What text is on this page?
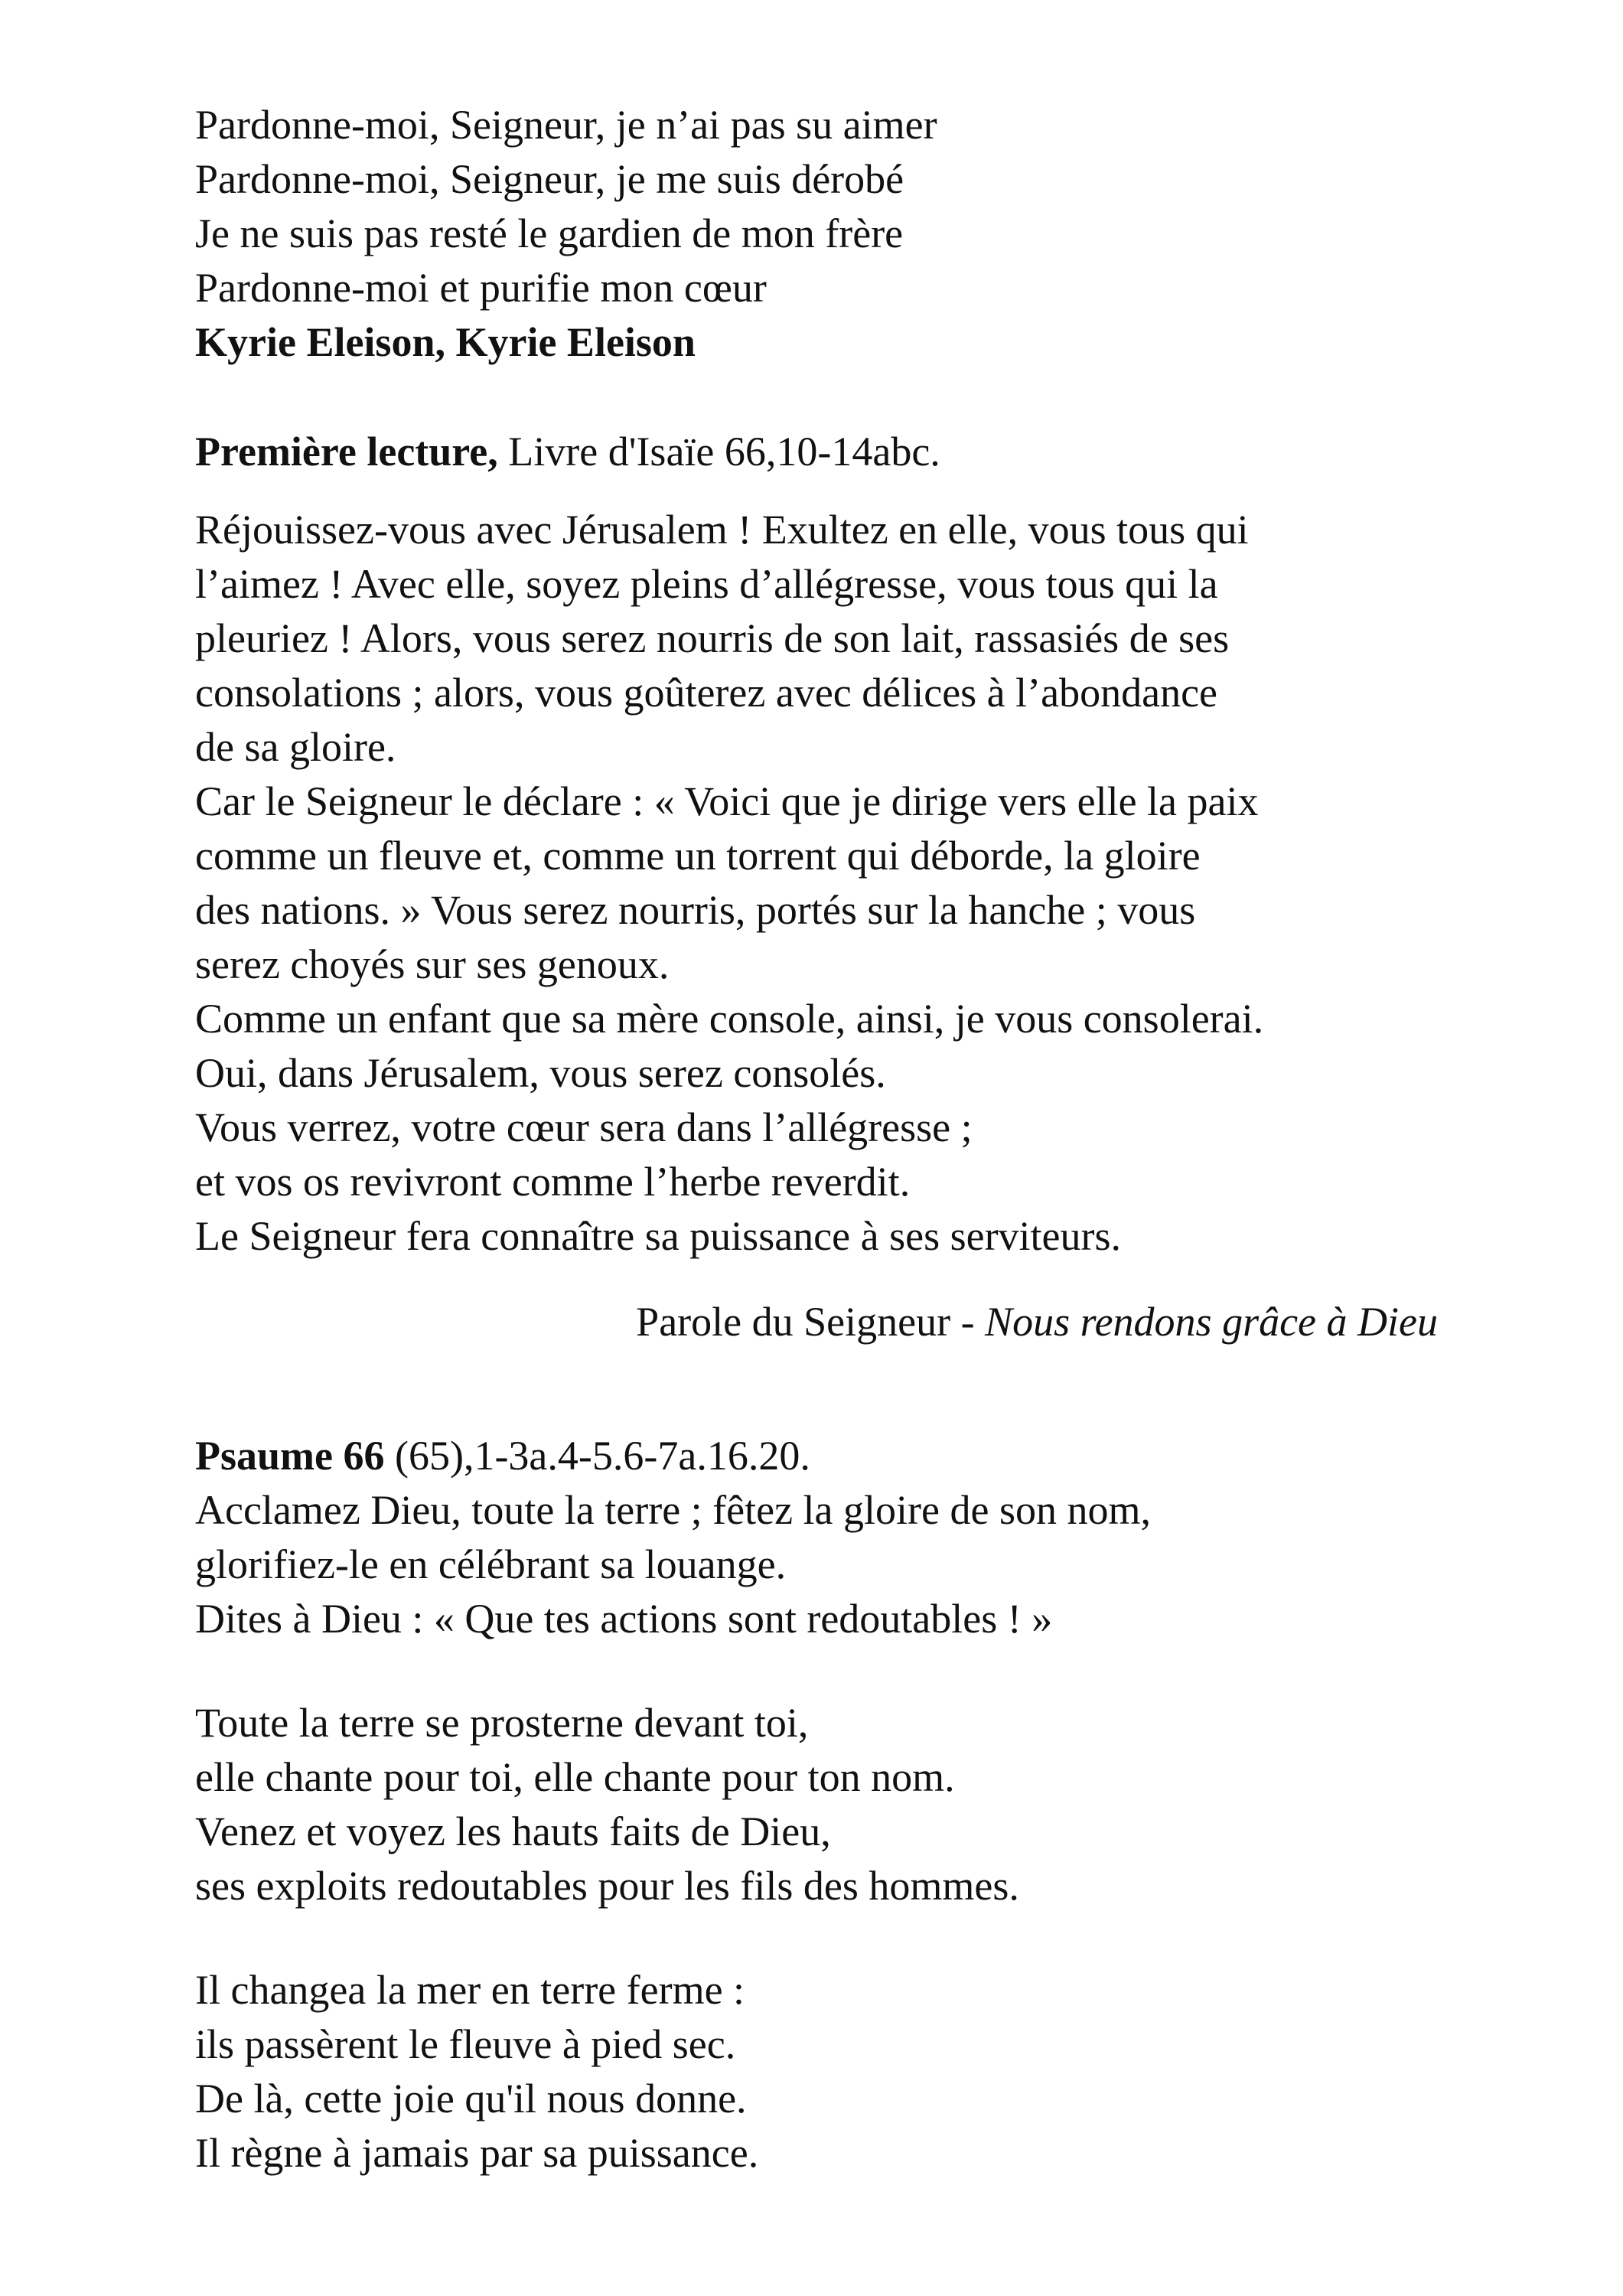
Pardonne-moi, Seigneur, je n’ai pas su aimer
Pardonne-moi, Seigneur, je me suis dérobé
Je ne suis pas resté le gardien de mon frère
Pardonne-moi et purifie mon cœur
Kyrie Eleison, Kyrie Eleison
Première lecture, Livre d'Isaïe 66,10-14abc.
Réjouissez-vous avec Jérusalem ! Exultez en elle, vous tous qui
l’aimez ! Avec elle, soyez pleins d’allégresse, vous tous qui la
pleuriez ! Alors, vous serez nourris de son lait, rassasiés de ses
consolations ; alors, vous goûterez avec délices à l’abondance
de sa gloire.
Car le Seigneur le déclare : « Voici que je dirige vers elle la paix
comme un fleuve et, comme un torrent qui déborde, la gloire
des nations. » Vous serez nourris, portés sur la hanche ; vous
serez choyés sur ses genoux.
Comme un enfant que sa mère console, ainsi, je vous consolerai.
Oui, dans Jérusalem, vous serez consolés.
Vous verrez, votre cœur sera dans l’allégresse ;
et vos os revivront comme l’herbe reverdit.
Le Seigneur fera connaître sa puissance à ses serviteurs.
Parole du Seigneur - Nous rendons grâce à Dieu
Psaume 66 (65),1-3a.4-5.6-7a.16.20.
Acclamez Dieu, toute la terre ; fêtez la gloire de son nom,
glorifiez-le en célébrant sa louange.
Dites à Dieu : « Que tes actions sont redoutables ! »
Toute la terre se prosterne devant toi,
elle chante pour toi, elle chante pour ton nom.
Venez et voyez les hauts faits de Dieu,
ses exploits redoutables pour les fils des hommes.
Il changea la mer en terre ferme :
ils passèrent le fleuve à pied sec.
De là, cette joie qu'il nous donne.
Il règne à jamais par sa puissance.
